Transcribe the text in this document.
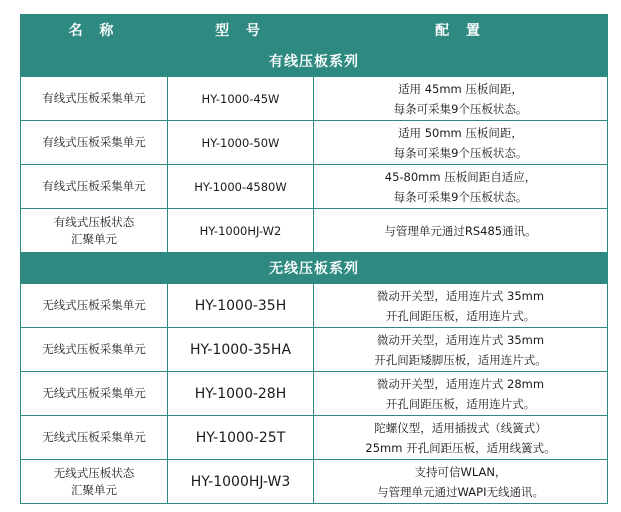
名 称	型 号	配 置
有线压板系列		

有线式压板采集单元	HY-1000-45W	适用 45mm 压板间距，
每条可采集9个压板状态。

有线式压板采集单元	HY-1000-50W	适用 50mm 压板间距，
每条可采集9个压板状态。

有线式压板采集单元	HY-1000-4580W	45-80mm 压板间距自适应，
每条可采集9个压板状态。

有线式压板状态
汇聚单元	HY-1000HJ-W2	与管理单元通过RS485通讯。

无线压板系列		

无线式压板采集单元	HY-1000-35H	微动开关型，适用连片式 35mm
开孔间距压板，适用连片式。

无线式压板采集单元	HY-1000-35HA	微动开关型，适用连片式 35mm
开孔间距矮脚压板，适用连片式。

无线式压板采集单元	HY-1000-28H	微动开关型，适用连片式 28mm
开孔间距压板，适用连片式。

无线式压板采集单元	HY-1000-25T	陀螺仪型，适用插拔式（线簧式）
25mm 开孔间距压板，适用线簧式。

无线式压板状态
汇聚单元	HY-1000HJ-W3	支持可信WLAN，
与管理单元通过WAPI无线通讯。
